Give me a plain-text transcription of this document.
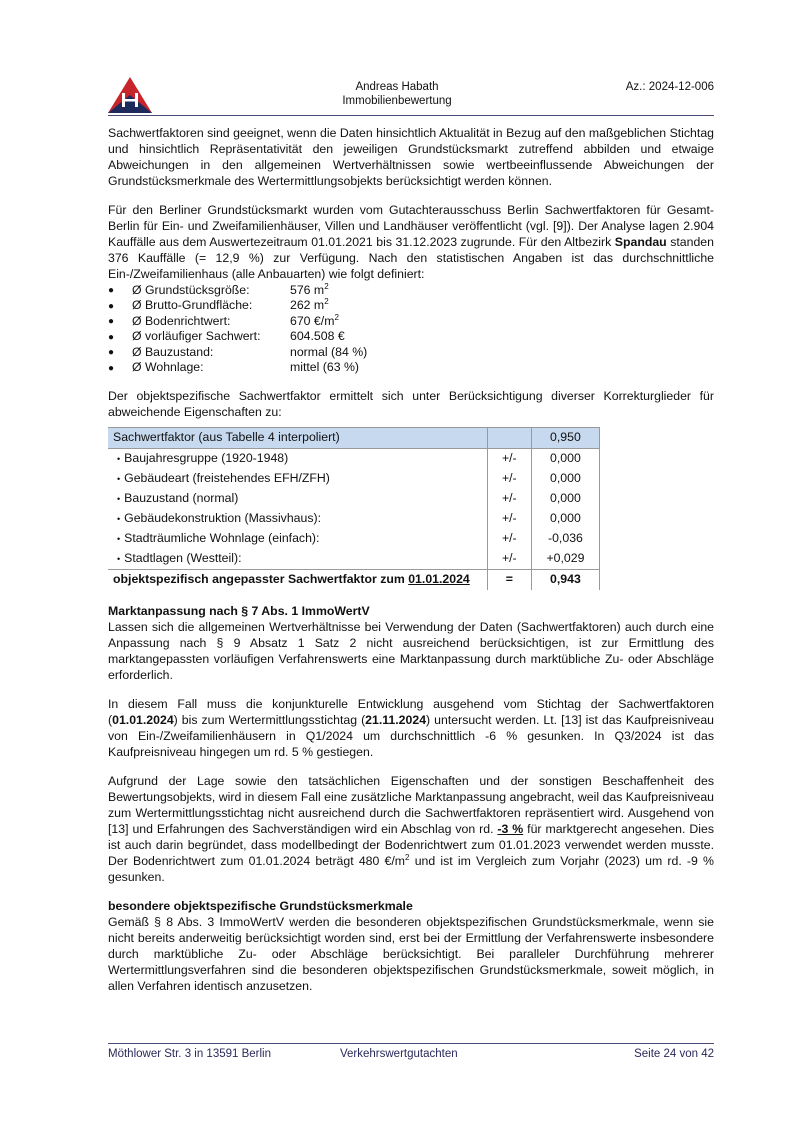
Andreas Habath
Immobilienbewertung
Az.: 2024-12-006

Sachwertfaktoren sind geeignet, wenn die Daten hinsichtlich Aktualität in Bezug auf den maßgeblichen Stichtag und hinsichtlich Repräsentativität den jeweiligen Grundstücksmarkt zutreffend abbilden und etwaige Abweichungen in den allgemeinen Wertverhältnissen sowie wertbeeinflussende Abweichungen der Grundstücksmerkmale des Wertermittlungsobjekts berücksichtigt werden können.

Für den Berliner Grundstücksmarkt wurden vom Gutachterausschuss Berlin Sachwertfaktoren für Gesamt-Berlin für Ein- und Zweifamilienhäuser, Villen und Landhäuser veröffentlicht (vgl. [9]). Der Analyse lagen 2.904 Kauffälle aus dem Auswertezeitraum 01.01.2021 bis 31.12.2023 zugrunde. Für den Altbezirk Spandau standen 376 Kauffälle (= 12,9 %) zur Verfügung. Nach den statistischen Angaben ist das durchschnittliche Ein-/Zweifamilienhaus (alle Anbauarten) wie folgt definiert:

●	Ø Grundstücksgröße:	576 $m^2$
●	Ø Brutto-Grundfläche:	262 $m^2$
●	Ø Bodenrichtwert:	670 $€/m^2$
●	Ø vorläufiger Sachwert:	604.508 €
●	Ø Bauzustand:	normal (84 %)
●	Ø Wohnlage:	mittel (63 %)

Der objektspezifische Sachwertfaktor ermittelt sich unter Berücksichtigung diverser Korrekturglieder für abweichende Eigenschaften zu:

Sachwertfaktor (aus Tabelle 4 interpoliert)		0,950
• Baujahresgruppe (1920-1948)	+/-	0,000
• Gebäudeart (freistehendes EFH/ZFH)	+/-	0,000
• Bauzustand (normal)	+/-	0,000
• Gebäudekonstruktion (Massivhaus):	+/-	0,000
• Stadträumliche Wohnlage (einfach):	+/-	-0,036
• Stadtlagen (Westteil):	+/-	+0,029
objektspezifisch angepasster Sachwertfaktor zum 01.01.2024	=	0,943
Marktanpassung nach § 7 Abs. 1 ImmoWertV

Lassen sich die allgemeinen Wertverhältnisse bei Verwendung der Daten (Sachwertfaktoren) auch durch eine Anpassung nach § 9 Absatz 1 Satz 2 nicht ausreichend berücksichtigen, ist zur Ermittlung des marktangepassten vorläufigen Verfahrenswerts eine Marktanpassung durch marktübliche Zu- oder Abschläge erforderlich.

In diesem Fall muss die konjunkturelle Entwicklung ausgehend vom Stichtag der Sachwertfaktoren (01.01.2024) bis zum Wertermittlungsstichtag (21.11.2024) untersucht werden. Lt. [13] ist das Kaufpreisniveau von Ein-/Zweifamilienhäusern in Q1/2024 um durchschnittlich -6 % gesunken. In Q3/2024 ist das Kaufpreisniveau hingegen um rd. 5 % gestiegen.

Aufgrund der Lage sowie den tatsächlichen Eigenschaften und der sonstigen Beschaffenheit des Bewertungsobjekts, wird in diesem Fall eine zusätzliche Marktanpassung angebracht, weil das Kaufpreisniveau zum Wertermittlungsstichtag nicht ausreichend durch die Sachwertfaktoren repräsentiert wird. Ausgehend von [13] und Erfahrungen des Sachverständigen wird ein Abschlag von rd. -3 % für marktgerecht angesehen. Dies ist auch darin begründet, dass modellbedingt der Bodenrichtwert zum 01.01.2023 verwendet werden musste. Der Bodenrichtwert zum 01.01.2024 beträgt 480 $€/m^2$ und ist im Vergleich zum Vorjahr (2023) um rd. -9 % gesunken.

besondere objektspezifische Grundstücksmerkmale

Gemäß § 8 Abs. 3 ImmoWertV werden die besonderen objektspezifischen Grundstücksmerkmale, wenn sie nicht bereits anderweitig berücksichtigt worden sind, erst bei der Ermittlung der Verfahrenswerte insbesondere durch marktübliche Zu- oder Abschläge berücksichtigt. Bei paralleler Durchführung mehrerer Wertermittlungsverfahren sind die besonderen objektspezifischen Grundstücksmerkmale, soweit möglich, in allen Verfahren identisch anzusetzen.

Möthlower Str. 3 in 13591 Berlin	Verkehrswertgutachten	Seite 24 von 42
